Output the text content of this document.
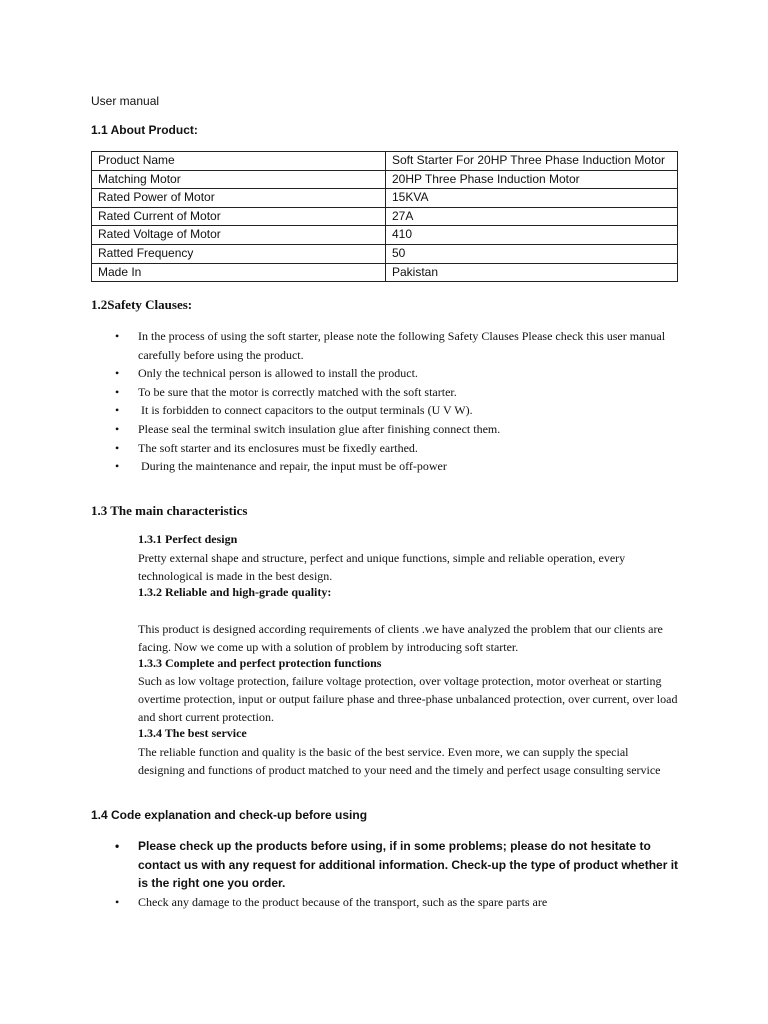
User manual

1.1 About Product:

Product Name	Soft Starter For 20HP Three Phase Induction Motor
Matching Motor	20HP Three Phase Induction Motor
Rated Power of Motor	15KVA
Rated Current of Motor	27A
Rated Voltage of Motor	410
Ratted Frequency	50
Made In	Pakistan

1.2Safety Clauses:

• In the process of using the soft starter, please note the following Safety Clauses Please check this user manual carefully before using the product.
• Only the technical person is allowed to install the product.
• To be sure that the motor is correctly matched with the soft starter.
• It is forbidden to connect capacitors to the output terminals (U V W).
• Please seal the terminal switch insulation glue after finishing connect them.
• The soft starter and its enclosures must be fixedly earthed.
• During the maintenance and repair, the input must be off-power

1.3 The main characteristics

1.3.1 Perfect design

Pretty external shape and structure, perfect and unique functions, simple and reliable operation, every technological is made in the best design.

1.3.2 Reliable and high-grade quality:

This product is designed according requirements of clients .we have analyzed the problem that our clients are facing. Now we come up with a solution of problem by introducing soft starter.

1.3.3 Complete and perfect protection functions

Such as low voltage protection, failure voltage protection, over voltage protection, motor overheat or starting overtime protection, input or output failure phase and three-phase unbalanced protection, over current, over load and short current protection.

1.3.4 The best service

The reliable function and quality is the basic of the best service. Even more, we can supply the special designing and functions of product matched to your need and the timely and perfect usage consulting service

1.4 Code explanation and check-up before using

• Please check up the products before using, if in some problems; please do not hesitate to contact us with any request for additional information. Check-up the type of product whether it is the right one you order.
• Check any damage to the product because of the transport, such as the spare parts are
